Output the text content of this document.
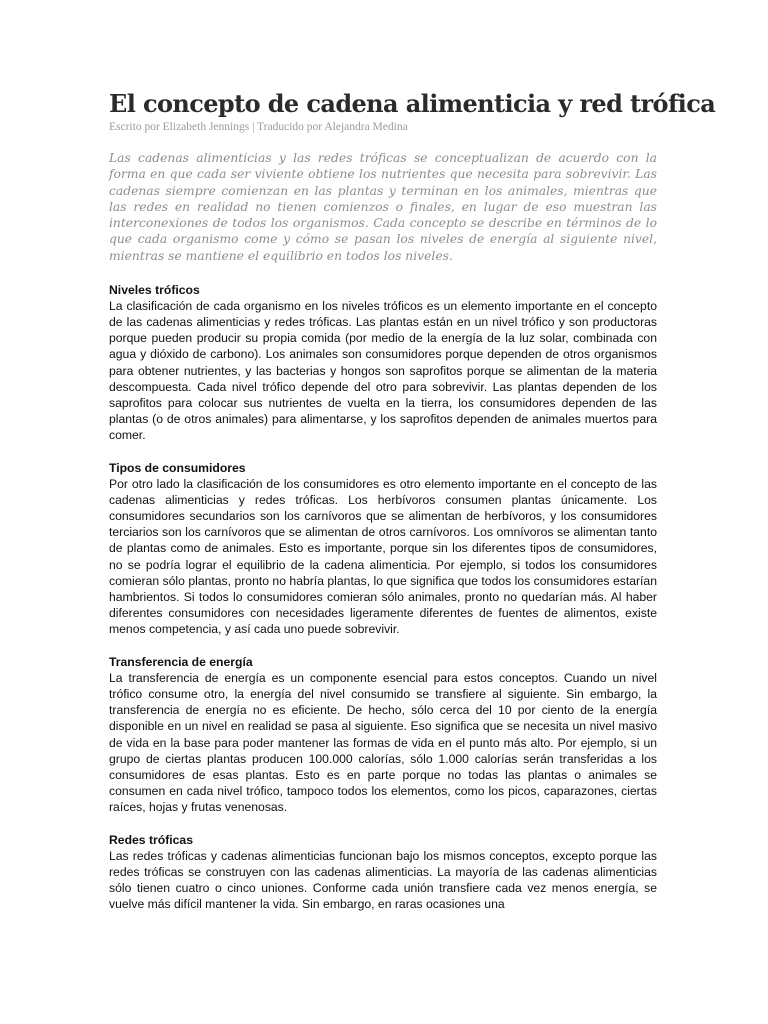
El concepto de cadena alimenticia y red trófica

Escrito por Elizabeth Jennings | Traducido por Alejandra Medina

Las cadenas alimenticias y las redes tróficas se conceptualizan de acuerdo con la forma en que cada ser viviente obtiene los nutrientes que necesita para sobrevivir. Las cadenas siempre comienzan en las plantas y terminan en los animales, mientras que las redes en realidad no tienen comienzos o finales, en lugar de eso muestran las interconexiones de todos los organismos. Cada concepto se describe en términos de lo que cada organismo come y cómo se pasan los niveles de energía al siguiente nivel, mientras se mantiene el equilibrio en todos los niveles.

Niveles tróficos

La clasificación de cada organismo en los niveles tróficos es un elemento importante en el concepto de las cadenas alimenticias y redes tróficas. Las plantas están en un nivel trófico y son productoras porque pueden producir su propia comida (por medio de la energía de la luz solar, combinada con agua y dióxido de carbono). Los animales son consumidores porque dependen de otros organismos para obtener nutrientes, y las bacterias y hongos son saprofitos porque se alimentan de la materia descompuesta. Cada nivel trófico depende del otro para sobrevivir. Las plantas dependen de los saprofitos para colocar sus nutrientes de vuelta en la tierra, los consumidores dependen de las plantas (o de otros animales) para alimentarse, y los saprofitos dependen de animales muertos para comer.

Tipos de consumidores

Por otro lado la clasificación de los consumidores es otro elemento importante en el concepto de las cadenas alimenticias y redes tróficas. Los herbívoros consumen plantas únicamente. Los consumidores secundarios son los carnívoros que se alimentan de herbívoros, y los consumidores terciarios son los carnívoros que se alimentan de otros carnívoros. Los omnívoros se alimentan tanto de plantas como de animales. Esto es importante, porque sin los diferentes tipos de consumidores, no se podría lograr el equilibrio de la cadena alimenticia. Por ejemplo, si todos los consumidores comieran sólo plantas, pronto no habría plantas, lo que significa que todos los consumidores estarían hambrientos. Si todos lo consumidores comieran sólo animales, pronto no quedarían más. Al haber diferentes consumidores con necesidades ligeramente diferentes de fuentes de alimentos, existe menos competencia, y así cada uno puede sobrevivir.

Transferencia de energía

La transferencia de energía es un componente esencial para estos conceptos. Cuando un nivel trófico consume otro, la energía del nivel consumido se transfiere al siguiente. Sin embargo, la transferencia de energía no es eficiente. De hecho, sólo cerca del 10 por ciento de la energía disponible en un nivel en realidad se pasa al siguiente. Eso significa que se necesita un nivel masivo de vida en la base para poder mantener las formas de vida en el punto más alto. Por ejemplo, si un grupo de ciertas plantas producen 100.000 calorías, sólo 1.000 calorías serán transferidas a los consumidores de esas plantas. Esto es en parte porque no todas las plantas o animales se consumen en cada nivel trófico, tampoco todos los elementos, como los picos, caparazones, ciertas raíces, hojas y frutas venenosas.

Redes tróficas

Las redes tróficas y cadenas alimenticias funcionan bajo los mismos conceptos, excepto porque las redes tróficas se construyen con las cadenas alimenticias. La mayoría de las cadenas alimenticias sólo tienen cuatro o cinco uniones. Conforme cada unión transfiere cada vez menos energía, se vuelve más difícil mantener la vida. Sin embargo, en raras ocasiones una
